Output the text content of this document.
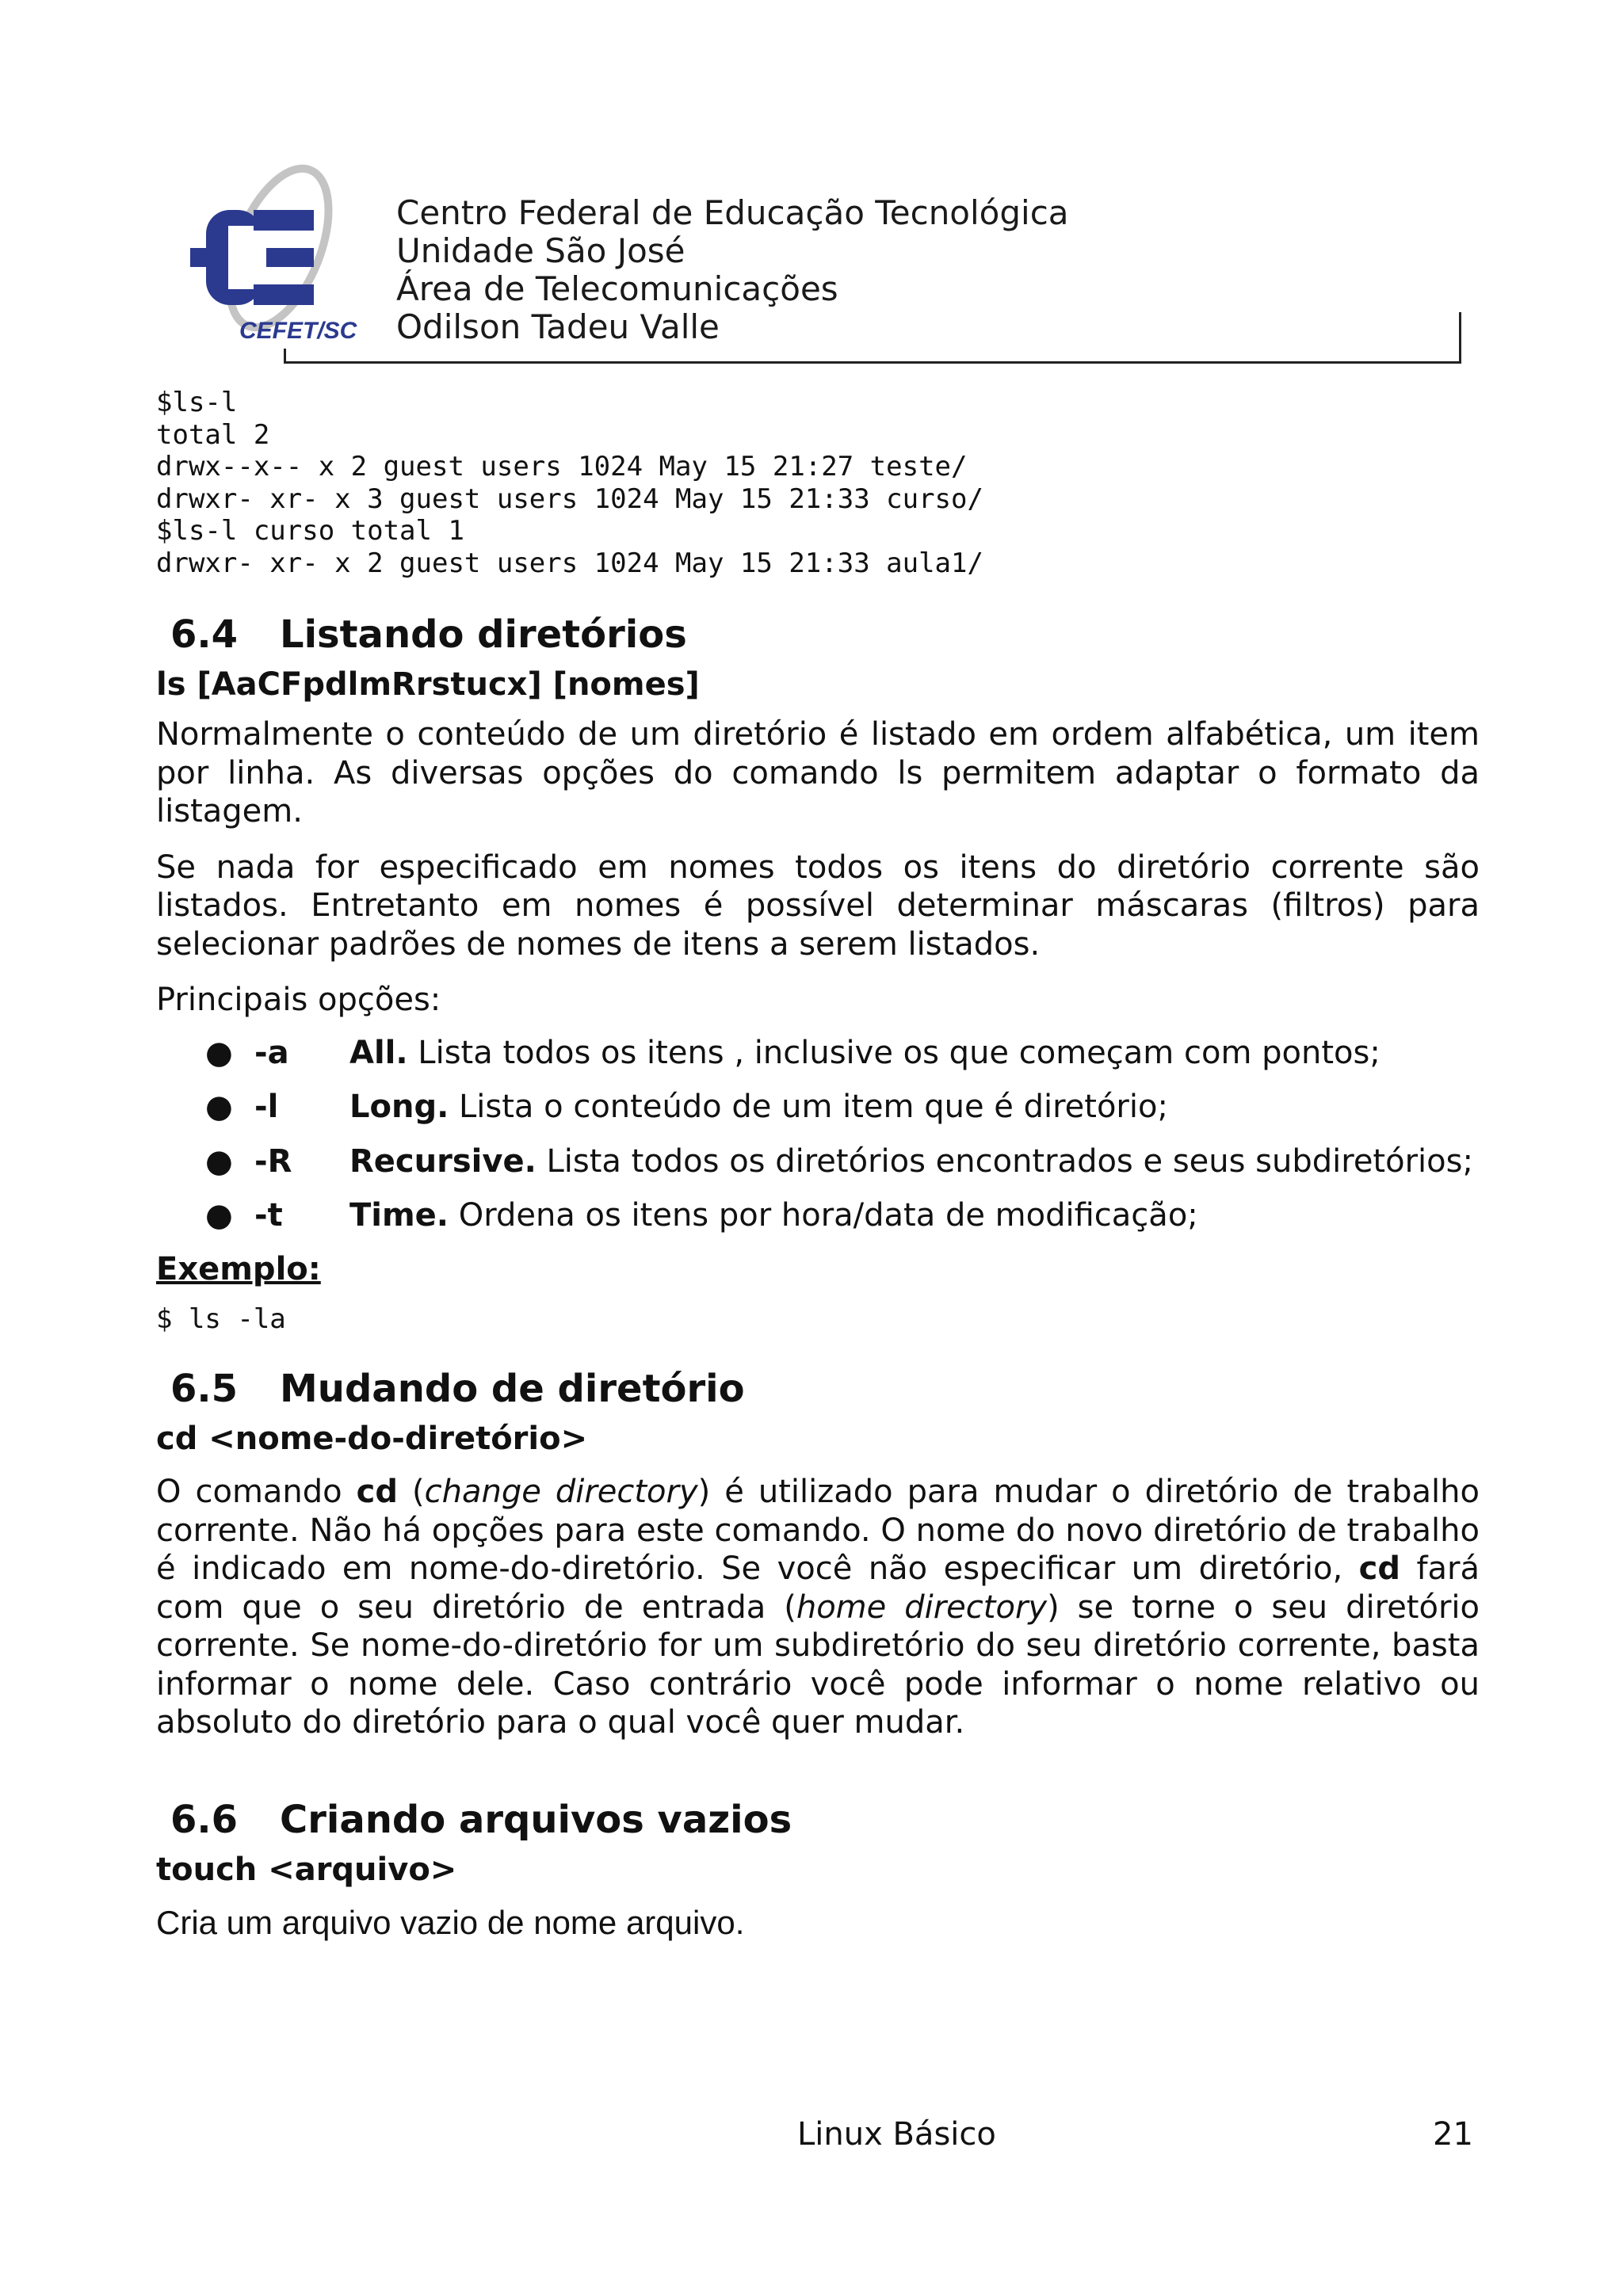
CEFET/SC
Centro Federal de Educação Tecnológica
Unidade São José
Área de Telecomunicações
Odilson Tadeu Valle
$ls-l
total 2
drwx--x-- x 2 guest users 1024 May 15 21:27 teste/
drwxr- xr- x 3 guest users 1024 May 15 21:33 curso/
$ls-l curso total 1
drwxr- xr- x 2 guest users 1024 May 15 21:33 aula1/
6.4 Listando diretórios

ls [AaCFpdlmRrstucx] [nomes]

Normalmente o conteúdo de um diretório é listado em ordem alfabética, um item por linha. As diversas opções do comando ls permitem adaptar o formato da listagem.

Se nada for especificado em nomes todos os itens do diretório corrente são listados. Entretanto em nomes é possível determinar máscaras (filtros) para selecionar padrões de nomes de itens a serem listados.

Principais opções:

● -a All. Lista todos os itens , inclusive os que começam com pontos;
● -l Long. Lista o conteúdo de um item que é diretório;
● -R Recursive. Lista todos os diretórios encontrados e seus subdiretórios;
● -t Time. Ordena os itens por hora/data de modificação;

Exemplo:

$ ls -la
6.5 Mudando de diretório

cd <nome-do-diretório>

O comando cd (change directory) é utilizado para mudar o diretório de trabalho corrente. Não há opções para este comando. O nome do novo diretório de trabalho é indicado em nome-do-diretório. Se você não especificar um diretório, cd fará com que o seu diretório de entrada (home directory) se torne o seu diretório corrente. Se nome-do-diretório for um subdiretório do seu diretório corrente, basta informar o nome dele. Caso contrário você pode informar o nome relativo ou absoluto do diretório para o qual você quer mudar.

6.6 Criando arquivos vazios

touch <arquivo>

Cria um arquivo vazio de nome arquivo.

Linux Básico	21
